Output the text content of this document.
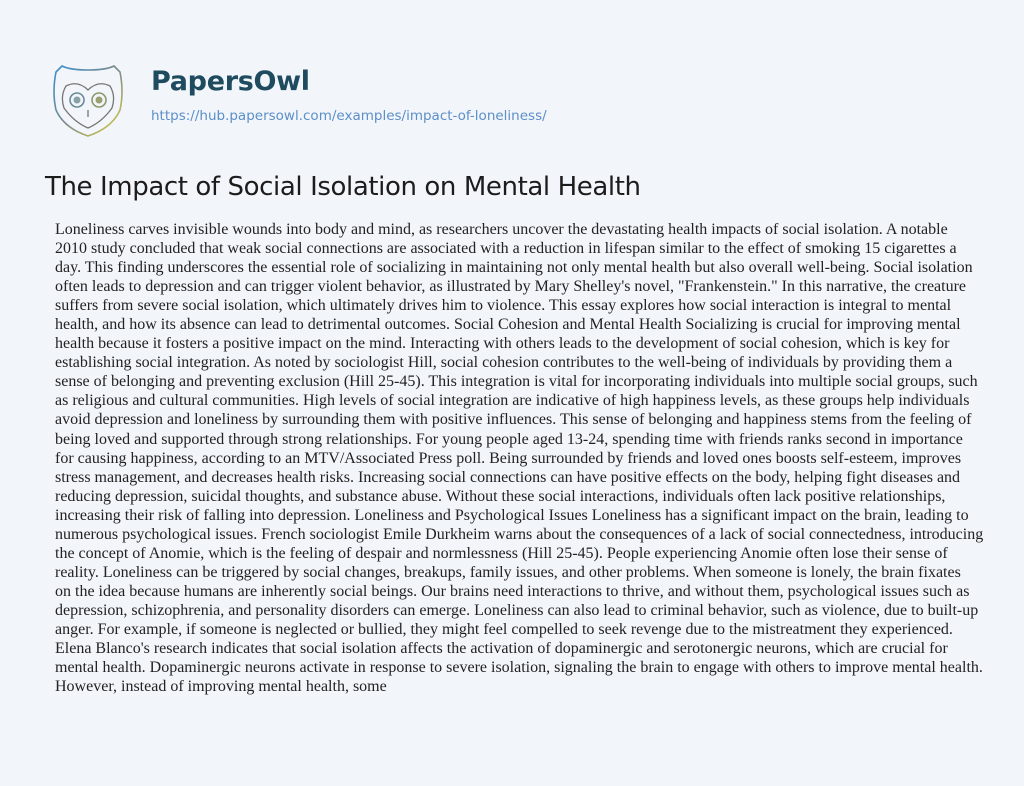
PapersOwl
https://hub.papersowl.com/examples/impact-of-loneliness/
The Impact of Social Isolation on Mental Health
Loneliness carves invisible wounds into body and mind, as researchers uncover the devastating health impacts of social isolation. A notable
2010 study concluded that weak social connections are associated with a reduction in lifespan similar to the effect of smoking 15 cigarettes a
day. This finding underscores the essential role of socializing in maintaining not only mental health but also overall well-being. Social isolation
often leads to depression and can trigger violent behavior, as illustrated by Mary Shelley's novel, "Frankenstein." In this narrative, the creature
suffers from severe social isolation, which ultimately drives him to violence. This essay explores how social interaction is integral to mental
health, and how its absence can lead to detrimental outcomes. Social Cohesion and Mental Health Socializing is crucial for improving mental
health because it fosters a positive impact on the mind. Interacting with others leads to the development of social cohesion, which is key for
establishing social integration. As noted by sociologist Hill, social cohesion contributes to the well-being of individuals by providing them a
sense of belonging and preventing exclusion (Hill 25-45). This integration is vital for incorporating individuals into multiple social groups, such
as religious and cultural communities. High levels of social integration are indicative of high happiness levels, as these groups help individuals
avoid depression and loneliness by surrounding them with positive influences. This sense of belonging and happiness stems from the feeling of
being loved and supported through strong relationships. For young people aged 13-24, spending time with friends ranks second in importance
for causing happiness, according to an MTV/Associated Press poll. Being surrounded by friends and loved ones boosts self-esteem, improves
stress management, and decreases health risks. Increasing social connections can have positive effects on the body, helping fight diseases and
reducing depression, suicidal thoughts, and substance abuse. Without these social interactions, individuals often lack positive relationships,
increasing their risk of falling into depression. Loneliness and Psychological Issues Loneliness has a significant impact on the brain, leading to
numerous psychological issues. French sociologist Emile Durkheim warns about the consequences of a lack of social connectedness, introducing
the concept of Anomie, which is the feeling of despair and normlessness (Hill 25-45). People experiencing Anomie often lose their sense of
reality. Loneliness can be triggered by social changes, breakups, family issues, and other problems. When someone is lonely, the brain fixates
on the idea because humans are inherently social beings. Our brains need interactions to thrive, and without them, psychological issues such as
depression, schizophrenia, and personality disorders can emerge. Loneliness can also lead to criminal behavior, such as violence, due to built-up
anger. For example, if someone is neglected or bullied, they might feel compelled to seek revenge due to the mistreatment they experienced.
Elena Blanco's research indicates that social isolation affects the activation of dopaminergic and serotonergic neurons, which are crucial for
mental health. Dopaminergic neurons activate in response to severe isolation, signaling the brain to engage with others to improve mental health.
However, instead of improving mental health, some
